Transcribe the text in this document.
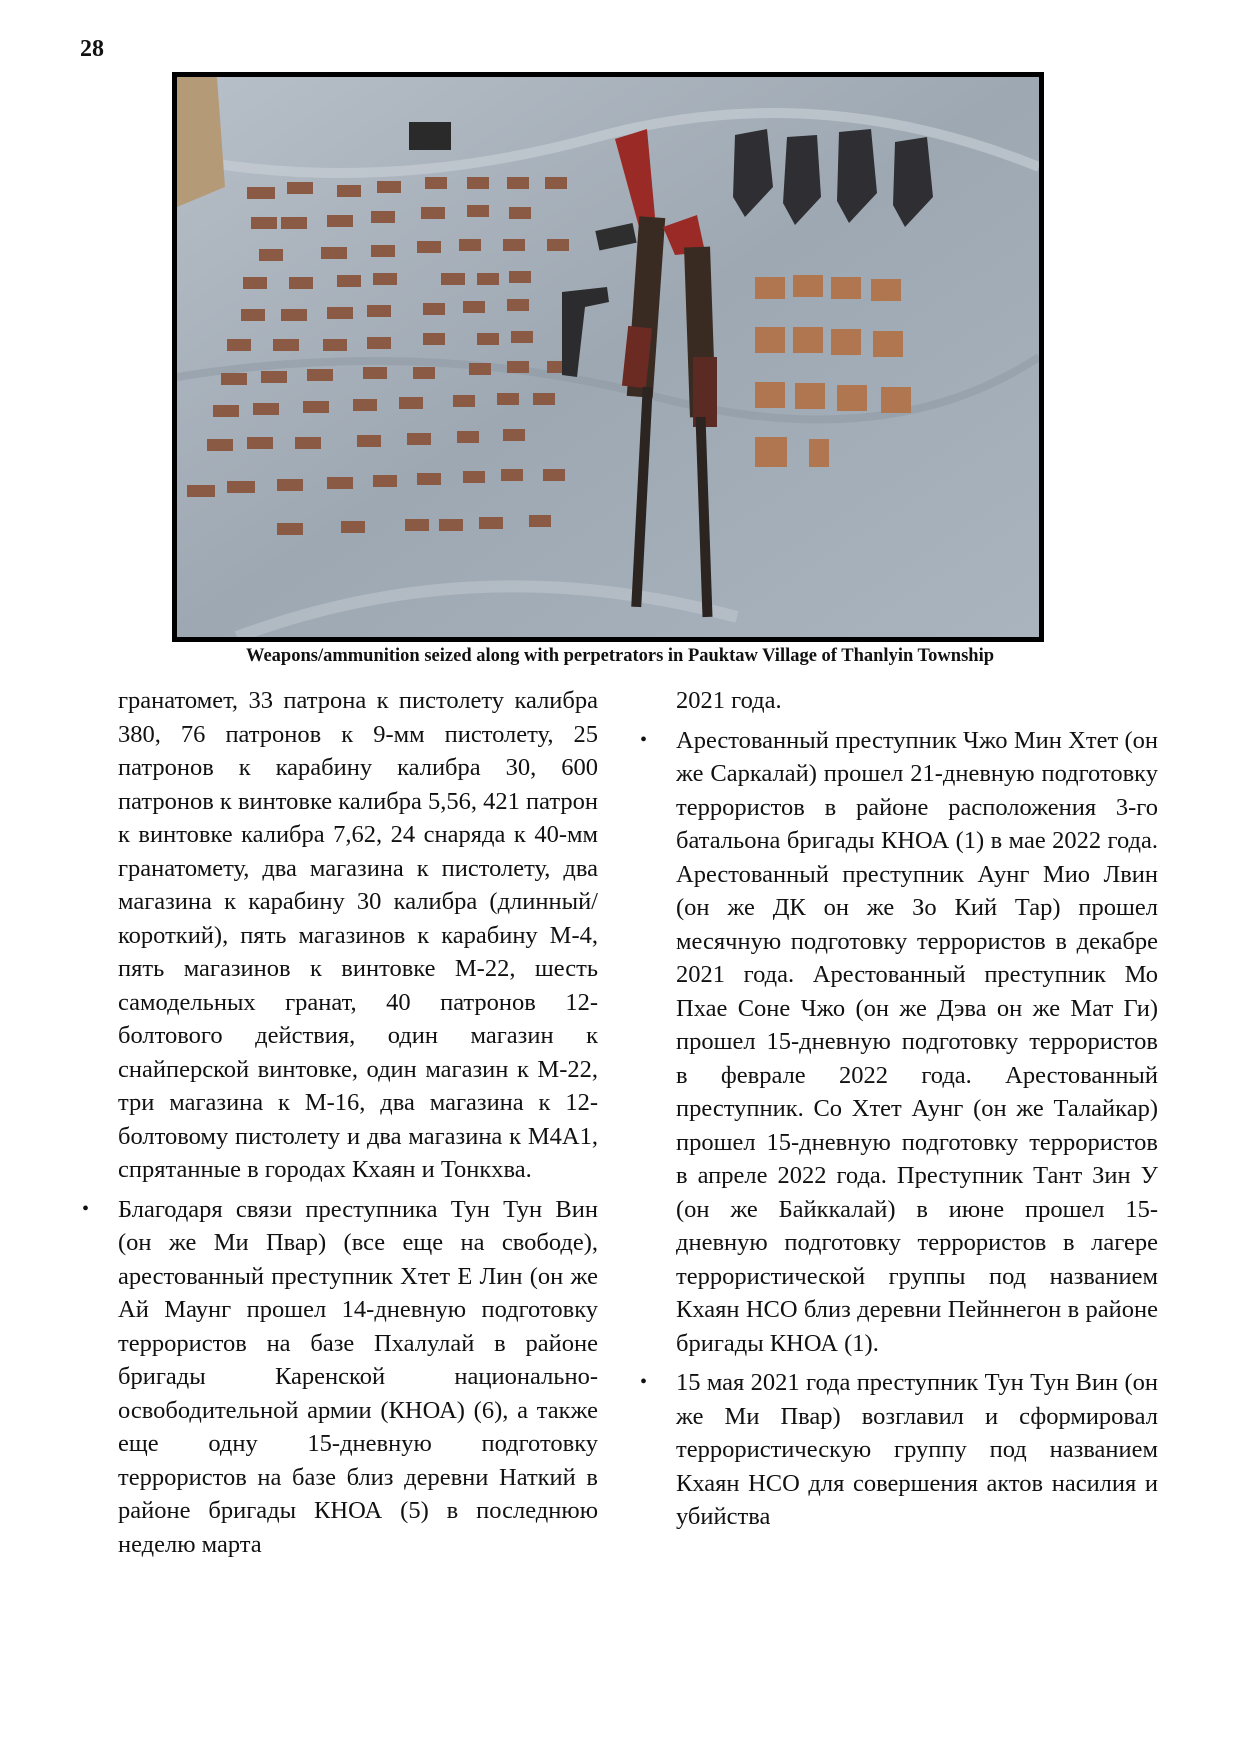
28
Weapons/ammunition seized along with perpetrators in Pauktaw Village of Thanlyin Township

гранатомет, 33 патрона к пистолету калибра 380, 76 патронов к 9-мм пистолету, 25 патронов к карабину калибра 30, 600 патронов к винтовке калибра 5,56, 421 патрон к винтовке калибра 7,62, 24 снаряда к 40-мм гранатомету, два магазина к пистолету, два магазина к карабину 30 калибра (длинный/короткий), пять магазинов к карабину М-4, пять магазинов к винтовке М-22, шесть самодельных гранат, 40 патронов 12-болтового действия, один магазин к снайперской винтовке, один магазин к М-22, три магазина к М-16, два магазина к 12-болтовому пистолету и два магазина к М4А1, спрятанные в городах Кхаян и Тонкхва.

• Благодаря связи преступника Тун Тун Вин (он же Ми Пвар) (все еще на свободе), арестованный преступник Хтет Е Лин (он же Ай Маунг прошел 14-дневную подготовку террористов на базе Пхалулай в районе бригады Каренской национально-освободительной армии (КНОА) (6), а также еще одну 15-дневную подготовку террористов на базе близ деревни Наткий в районе бригады КНОА (5) в последнюю неделю марта

2021 года.

• Арестованный преступник Чжо Мин Хтет (он же Саркалай) прошел 21-дневную подготовку террористов в районе расположения 3-го батальона бригады КНОА (1) в мае 2022 года. Арестованный преступник Аунг Мио Лвин (он же ДК он же Зо Кий Тар) прошел месячную подготовку террористов в декабре 2021 года. Арестованный преступник Мо Пхае Соне Чжо (он же Дэва он же Мат Ги) прошел 15-дневную подготовку террористов в феврале 2022 года. Арестованный преступник. Со Хтет Аунг (он же Талайкар) прошел 15-дневную подготовку террористов в апреле 2022 года. Преступник Тант Зин У (он же Байккалай) в июне прошел 15-дневную подготовку террористов в лагере террористической группы под названием Кхаян НСО близ деревни Пейннегон в районе бригады КНОА (1).
• 15 мая 2021 года преступник Тун Тун Вин (он же Ми Пвар) возглавил и сформировал террористическую группу под названием Кхаян НСО для совершения актов насилия и убийства
